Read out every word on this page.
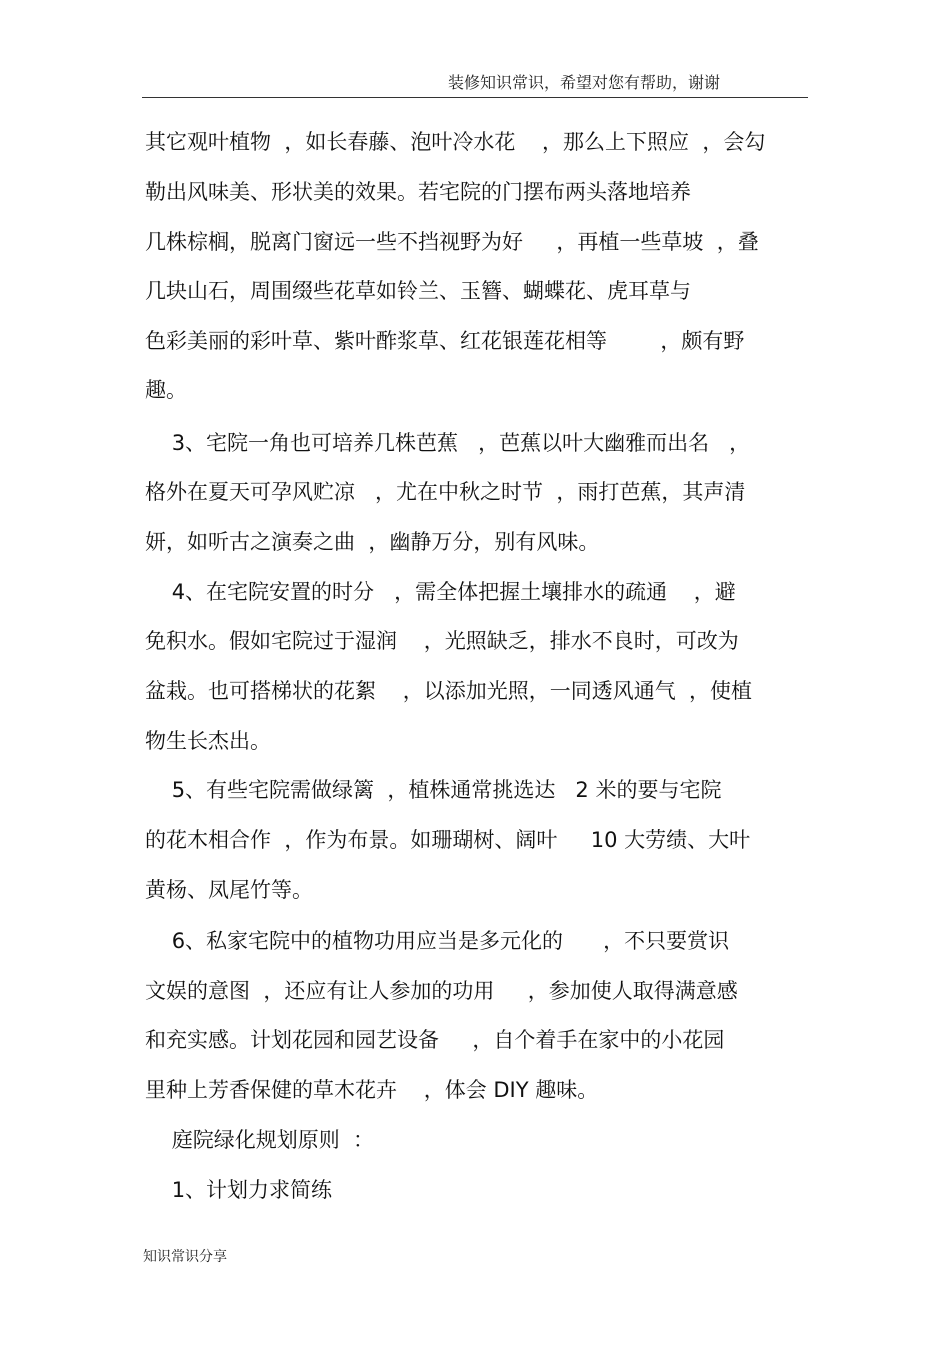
装修知识常识，希望对您有帮助，谢谢
其它观叶植物  ，如长春藤、泡叶冷水花    ，那么上下照应  ，会勾
勒出风味美、形状美的效果。若宅院的门摆布两头落地培养
几株棕榈，脱离门窗远一些不挡视野为好     ，再植一些草坡  ，叠
几块山石，周围缀些花草如铃兰、玉簪、蝴蝶花、虎耳草与
色彩美丽的彩叶草、紫叶酢浆草、红花银莲花相等        ，颇有野
趣。
3、宅院一角也可培养几株芭蕉   ，芭蕉以叶大幽雅而出名   ，
格外在夏天可孕风贮凉   ，尤在中秋之时节  ，雨打芭蕉，其声清
妍，如听古之演奏之曲  ，幽静万分，别有风味。
4、在宅院安置的时分   ，需全体把握土壤排水的疏通    ，避
免积水。假如宅院过于湿润    ，光照缺乏，排水不良时，可改为
盆栽。也可搭梯状的花絮    ，以添加光照，一同透风通气  ，使植
物生长杰出。
5、有些宅院需做绿篱  ，植株通常挑选达   2 米的要与宅院
的花木相合作  ，作为布景。如珊瑚树、阔叶     10 大劳绩、大叶
黄杨、凤尾竹等。
6、私家宅院中的植物功用应当是多元化的      ，不只要赏识
文娱的意图  ，还应有让人参加的功用     ，参加使人取得满意感
和充实感。计划花园和园艺设备     ，自个着手在家中的小花园
里种上芳香保健的草木花卉    ，体会 DIY 趣味。
庭院绿化规划原则  ：
1、计划力求简练
知识常识分享
